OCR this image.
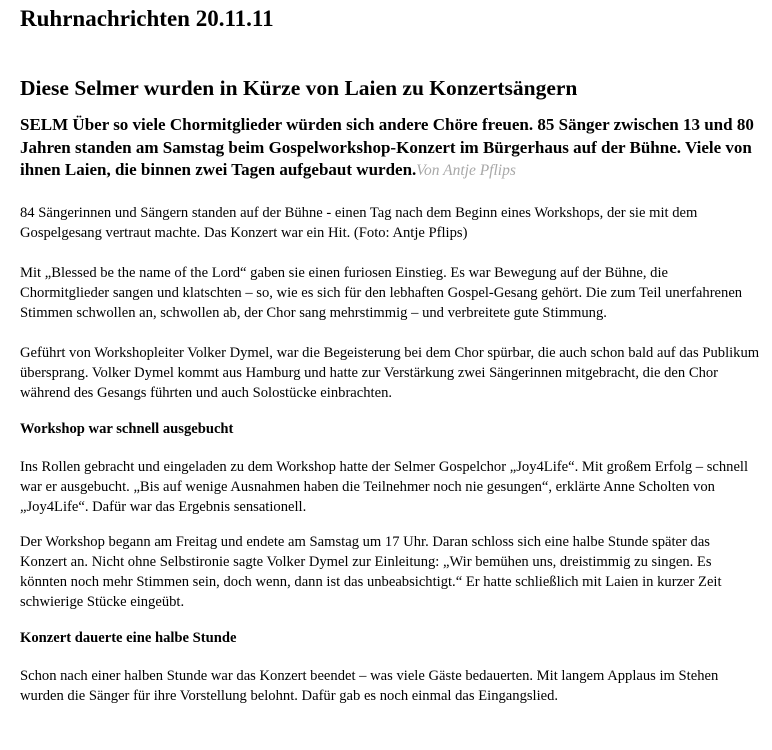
Ruhrnachrichten 20.11.11
Diese Selmer wurden in Kürze von Laien zu Konzertsängern

SELM Über so viele Chormitglieder würden sich andere Chöre freuen. 85 Sänger zwischen 13 und 80 Jahren standen am Samstag beim Gospelworkshop-Konzert im Bürgerhaus auf der Bühne. Viele von ihnen Laien, die binnen zwei Tagen aufgebaut wurden.Von Antje Pflips

84 Sängerinnen und Sängern standen auf der Bühne - einen Tag nach dem Beginn eines Workshops, der sie mit dem Gospelgesang vertraut machte. Das Konzert war ein Hit. (Foto: Antje Pflips)

Mit „Blessed be the name of the Lord“ gaben sie einen furiosen Einstieg. Es war Bewegung auf der Bühne, die Chormitglieder sangen und klatschten – so, wie es sich für den lebhaften Gospel-Gesang gehört. Die zum Teil unerfahrenen Stimmen schwollen an, schwollen ab, der Chor sang mehrstimmig – und verbreitete gute Stimmung.

Geführt von Workshopleiter Volker Dymel, war die Begeisterung bei dem Chor spürbar, die auch schon bald auf das Publikum übersprang. Volker Dymel kommt aus Hamburg und hatte zur Verstärkung zwei Sängerinnen mitgebracht, die den Chor während des Gesangs führten und auch Solostücke einbrachten.

Workshop war schnell ausgebucht

Ins Rollen gebracht und eingeladen zu dem Workshop hatte der Selmer Gospelchor „Joy4Life“. Mit großem Erfolg – schnell war er ausgebucht. „Bis auf wenige Ausnahmen haben die Teilnehmer noch nie gesungen“, erklärte Anne Scholten von „Joy4Life“. Dafür war das Ergebnis sensationell.

Der Workshop begann am Freitag und endete am Samstag um 17 Uhr. Daran schloss sich eine halbe Stunde später das Konzert an. Nicht ohne Selbstironie sagte Volker Dymel zur Einleitung: „Wir bemühen uns, dreistimmig zu singen. Es könnten noch mehr Stimmen sein, doch wenn, dann ist das unbeabsichtigt.“ Er hatte schließlich mit Laien in kurzer Zeit schwierige Stücke eingeübt.

Konzert dauerte eine halbe Stunde

Schon nach einer halben Stunde war das Konzert beendet – was viele Gäste bedauerten. Mit langem Applaus im Stehen wurden die Sänger für ihre Vorstellung belohnt. Dafür gab es noch einmal das Eingangslied.
